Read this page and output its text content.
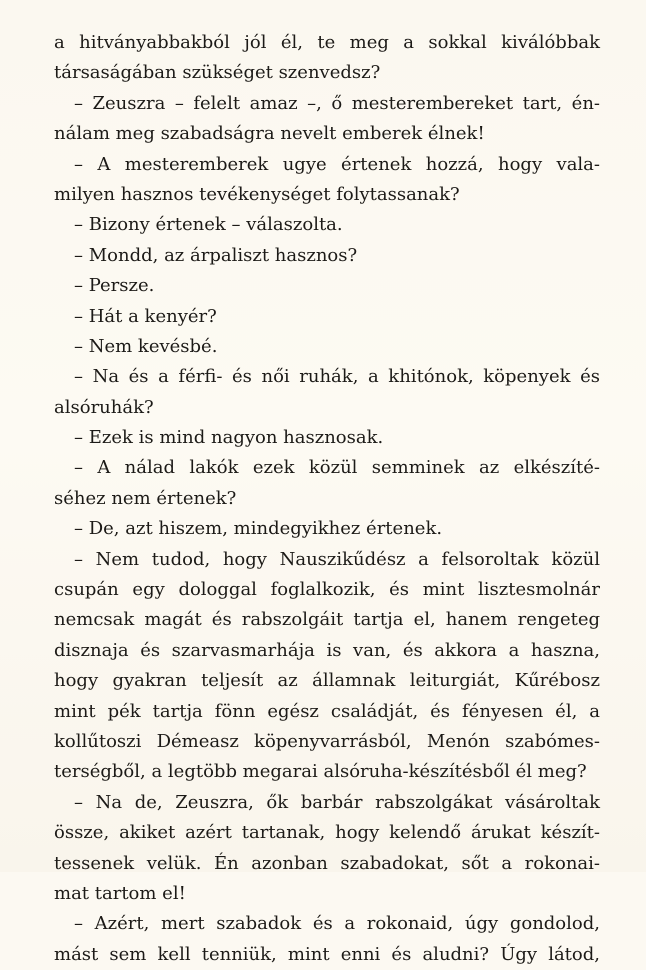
a hitványabbakból jól él, te meg a sokkal kiválóbbak
társaságában szükséget szenvedsz?
– Zeuszra – felelt amaz –, ő mesterembereket tart, én-
nálam meg szabadságra nevelt emberek élnek!
– A mesteremberek ugye értenek hozzá, hogy vala-
milyen hasznos tevékenységet folytassanak?
– Bizony értenek – válaszolta.
– Mondd, az árpaliszt hasznos?
– Persze.
– Hát a kenyér?
– Nem kevésbé.
– Na és a férfi- és női ruhák, a khitónok, köpenyek és
alsóruhák?
– Ezek is mind nagyon hasznosak.
– A nálad lakók ezek közül semminek az elkészíté-
séhez nem értenek?
– De, azt hiszem, mindegyikhez értenek.
– Nem tudod, hogy Nauszikűdész a felsoroltak közül
csupán egy dologgal foglalkozik, és mint lisztesmolnár
nemcsak magát és rabszolgáit tartja el, hanem rengeteg
disznaja és szarvasmarhája is van, és akkora a haszna,
hogy gyakran teljesít az államnak leiturgiát, Kűrébosz
mint pék tartja fönn egész családját, és fényesen él, a
kollűtoszi Démeasz köpenyvarrásból, Menón szabómes-
terségből, a legtöbb megarai alsóruha-készítésből él meg?
– Na de, Zeuszra, ők barbár rabszolgákat vásároltak
össze, akiket azért tartanak, hogy kelendő árukat készít-
tessenek velük. Én azonban szabadokat, sőt a rokonai-
mat tartom el!
– Azért, mert szabadok és a rokonaid, úgy gondolod,
mást sem kell tenniük, mint enni és aludni? Úgy látod,
